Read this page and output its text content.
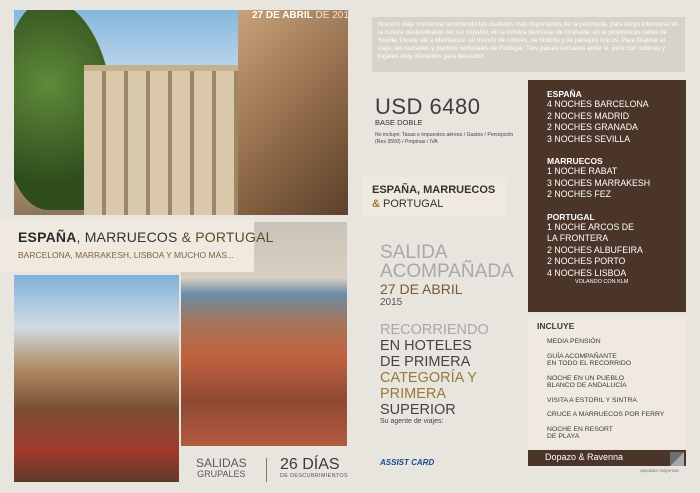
27 DE ABRIL DE 2015
ESPAÑA, MARRUECOS & PORTUGAL
BARCELONA, MARRAKESH, LISBOA Y MUCHO MÁS...
SALIDAS
GRUPALES
26 DÍAS
DE DESCUBRIMIENTOS
Nuestro viaje comienza recorriendo las ciudades más importantes de la península, para luego internarse en la cultura deslumbrante del sur español, en la mística particular de Granada, en la pintorescas calles de Sevilla. Desde allí a Marruecos: un mundo de colores, de historia y de paisajes únicos. Para finalizar el viaje, las ciudades y pueblos señoriales de Portugal. Tres paises cercanos entre sí, pero con culturas y lugares muy diferentes para descubrir.
USD 6480
BASE DOBLE
No incluye: Tasas e impuestos aéreos / Gastos / Percepción (Res 3550) / Propinas / IVA
ESPAÑA, MARRUECOS
& PORTUGAL
SALIDA
ACOMPAÑADA
27 DE ABRIL
2015
RECORRIENDO
EN HOTELES
DE PRIMERA
CATEGORÍA Y
PRIMERA
SUPERIOR
Su agente de viajes:
ASSIST CARD
ESPAÑA
4 NOCHES BARCELONA
2 NOCHES MADRID
2 NOCHES GRANADA
3 NOCHES SEVILLA
MARRUECOS
1 NOCHE RABAT
3 NOCHES MARRAKESH
2 NOCHES FEZ
PORTUGAL
1 NOCHE ARCOS DE
LA FRONTERA
2 NOCHES ALBUFEIRA
2 NOCHES PORTO
4 NOCHES LISBOA
VOLANDO CON KLM
INCLUYE
MEDIA PENSIÓN
GUÍA ACOMPAÑANTE
EN TODO EL RECORRIDO
NOCHE EN UN PUEBLO
BLANCO DE ANDALUCÍA
VISITA A ESTORIL Y SINTRA
CRUCE A MARRUECOS POR FERRY
NOCHE EN RESORT
DE PLAYA
Dopazo & Ravenna
operador mayorista
